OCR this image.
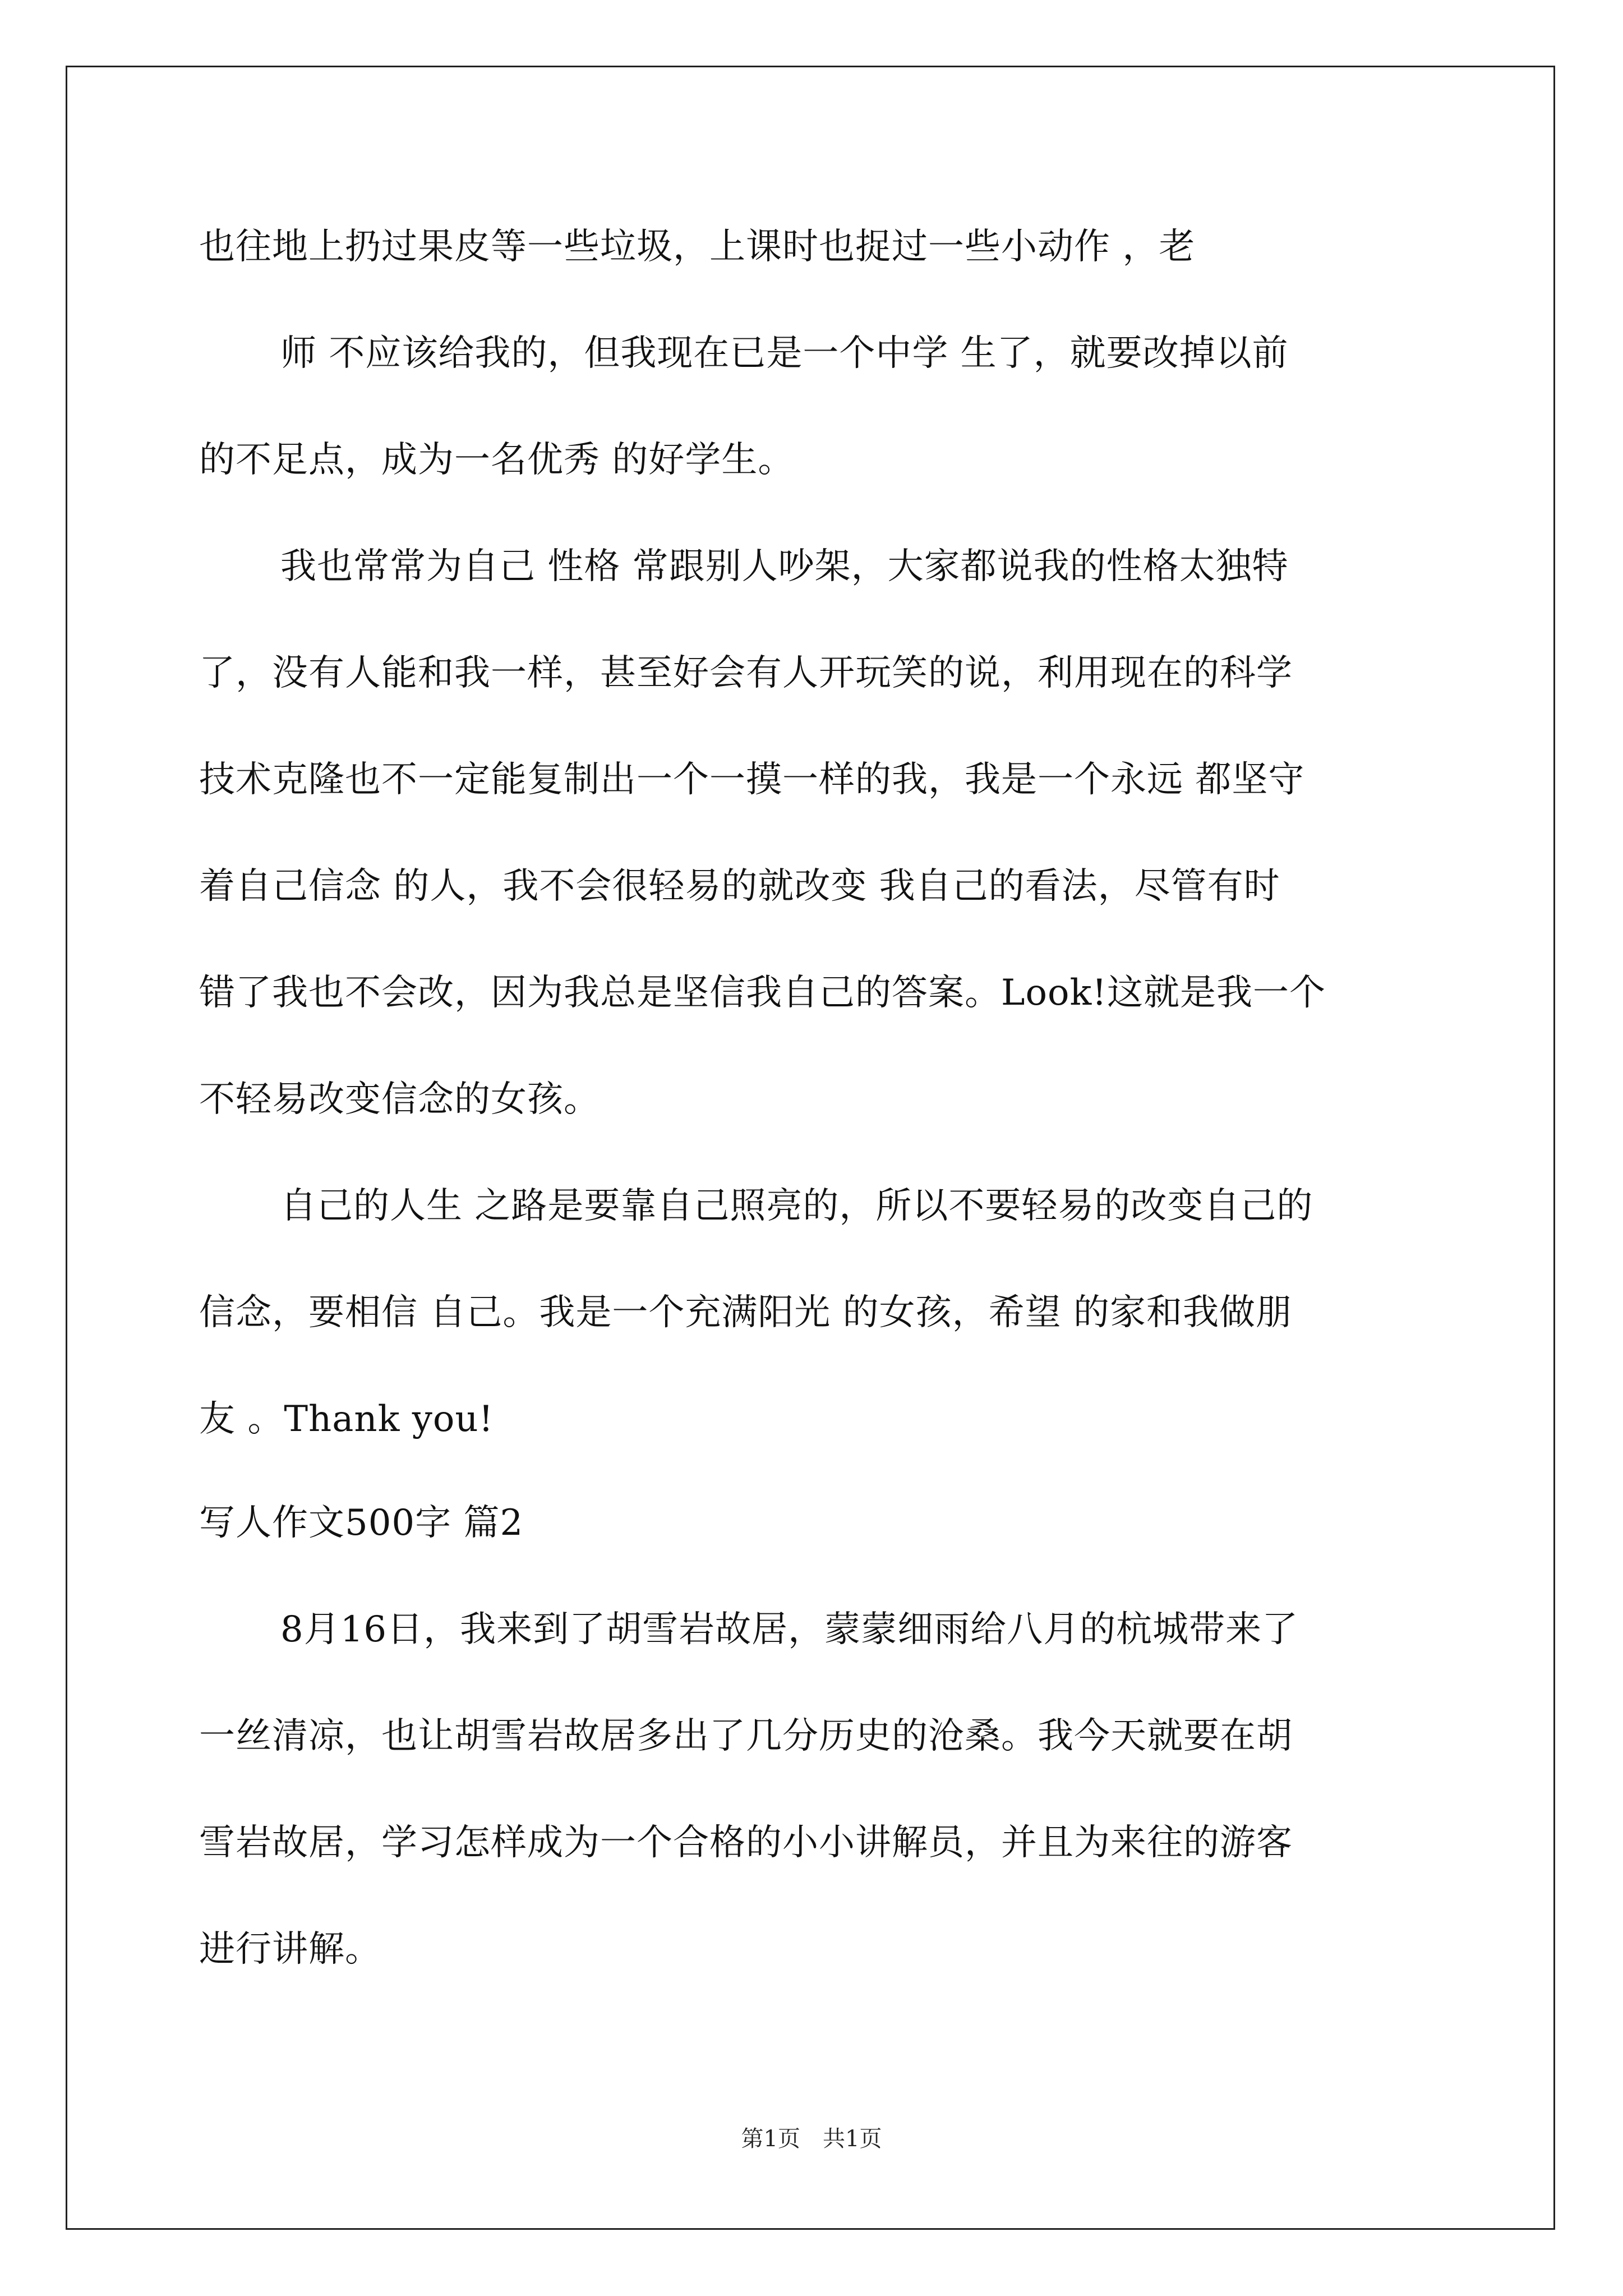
也往地上扔过果皮等一些垃圾，上课时也捉过一些小动作 ，老
师 不应该给我的，但我现在已是一个中学 生了，就要改掉以前
的不足点，成为一名优秀 的好学生。
我也常常为自己 性格 常跟别人吵架，大家都说我的性格太独特
了，没有人能和我一样，甚至好会有人开玩笑的说，利用现在的科学
技术克隆也不一定能复制出一个一摸一样的我，我是一个永远 都坚守
着自己信念 的人，我不会很轻易的就改变 我自己的看法，尽管有时
错了我也不会改，因为我总是坚信我自己的答案。Look!这就是我一个
不轻易改变信念的女孩。
自己的人生 之路是要靠自己照亮的，所以不要轻易的改变自己的
信念，要相信 自己。我是一个充满阳光 的女孩，希望 的家和我做朋
友 。Thank you!
写人作文500字 篇2
8月16日，我来到了胡雪岩故居，蒙蒙细雨给八月的杭城带来了
一丝清凉，也让胡雪岩故居多出了几分历史的沧桑。我今天就要在胡
雪岩故居，学习怎样成为一个合格的小小讲解员，并且为来往的游客
进行讲解。
第1页　共1页
